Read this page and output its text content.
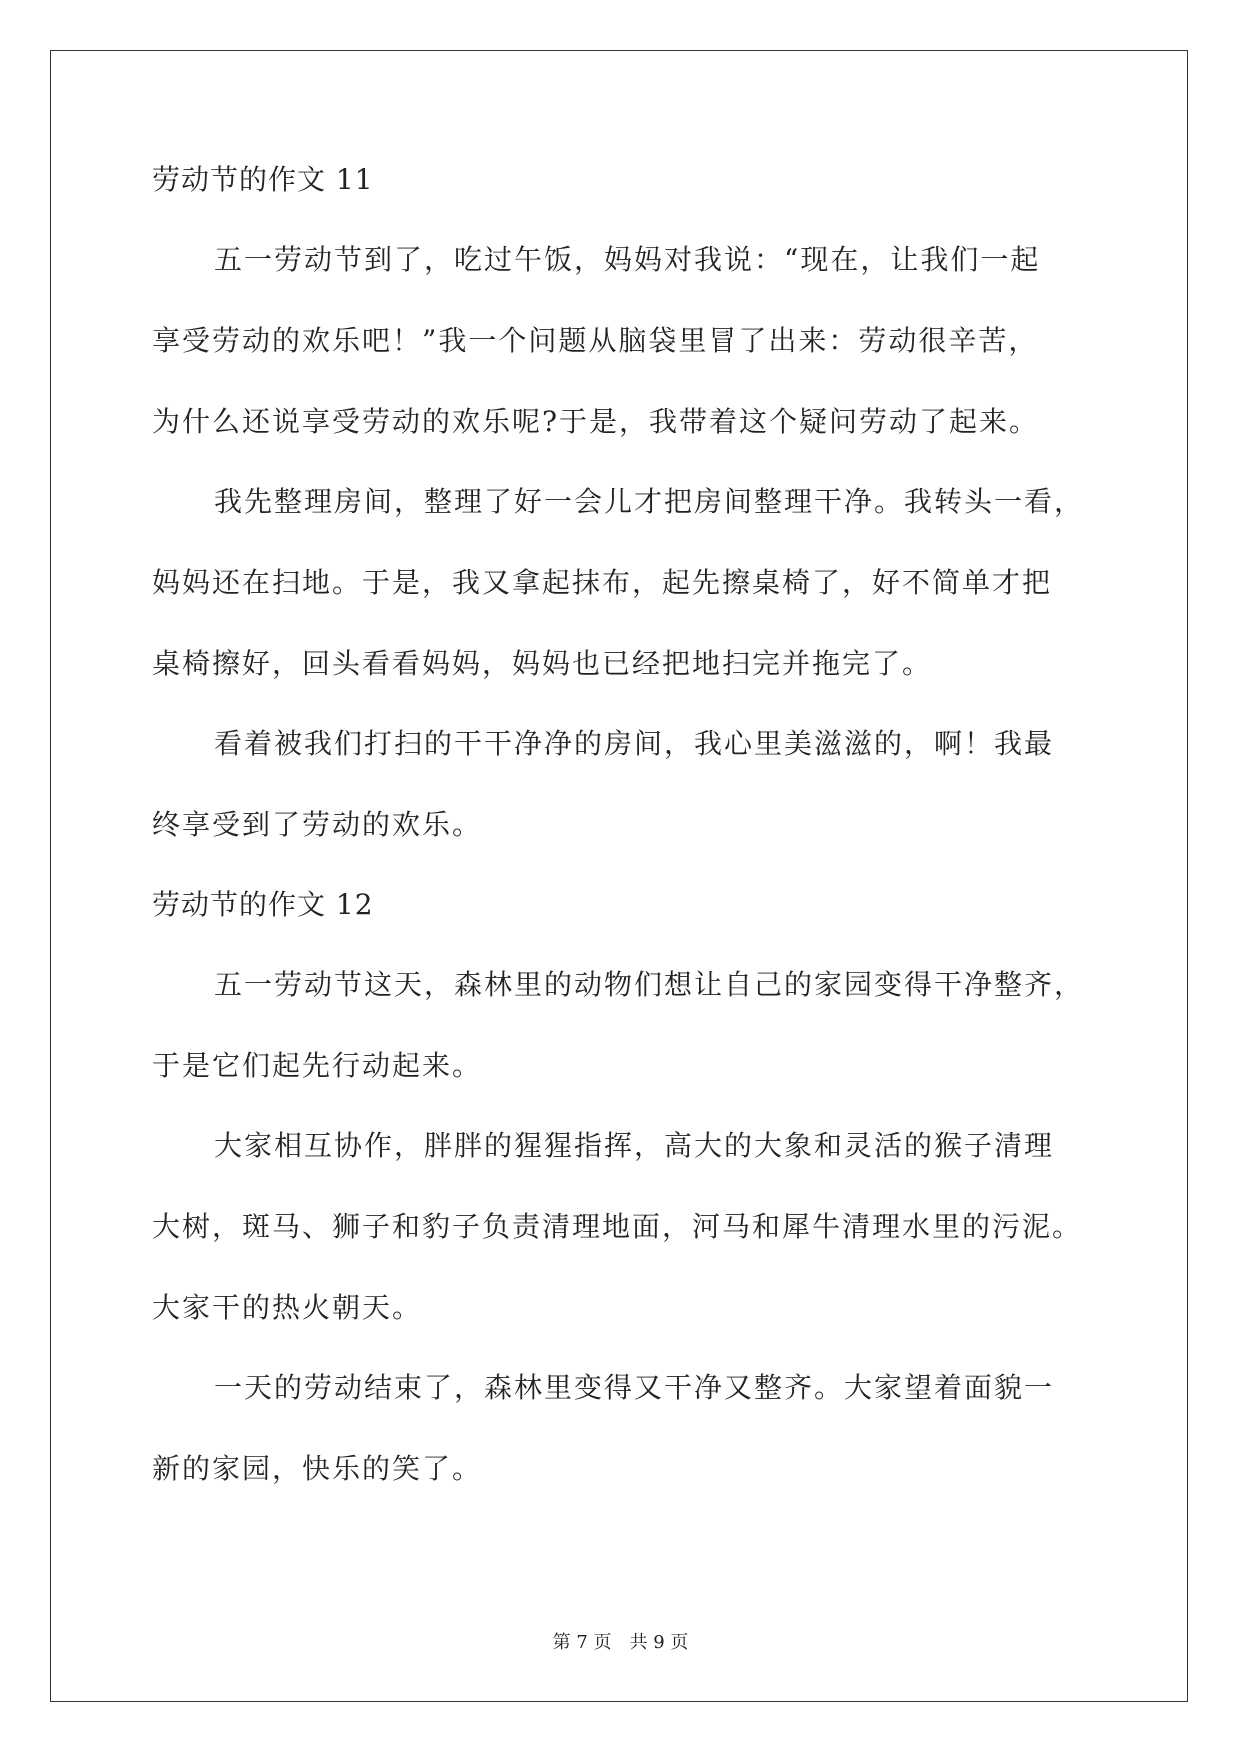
劳动节的作文 11
五一劳动节到了，吃过午饭，妈妈对我说：“现在，让我们一起
享受劳动的欢乐吧！”我一个问题从脑袋里冒了出来：劳动很辛苦，
为什么还说享受劳动的欢乐呢?于是，我带着这个疑问劳动了起来。
我先整理房间，整理了好一会儿才把房间整理干净。我转头一看，
妈妈还在扫地。于是，我又拿起抹布，起先擦桌椅了，好不简单才把
桌椅擦好，回头看看妈妈，妈妈也已经把地扫完并拖完了。
看着被我们打扫的干干净净的房间，我心里美滋滋的，啊！我最
终享受到了劳动的欢乐。
劳动节的作文 12
五一劳动节这天，森林里的动物们想让自己的家园变得干净整齐，
于是它们起先行动起来。
大家相互协作，胖胖的猩猩指挥，高大的大象和灵活的猴子清理
大树，斑马、狮子和豹子负责清理地面，河马和犀牛清理水里的污泥。
大家干的热火朝天。
一天的劳动结束了，森林里变得又干净又整齐。大家望着面貌一
新的家园，快乐的笑了。
第 7 页　共 9 页
